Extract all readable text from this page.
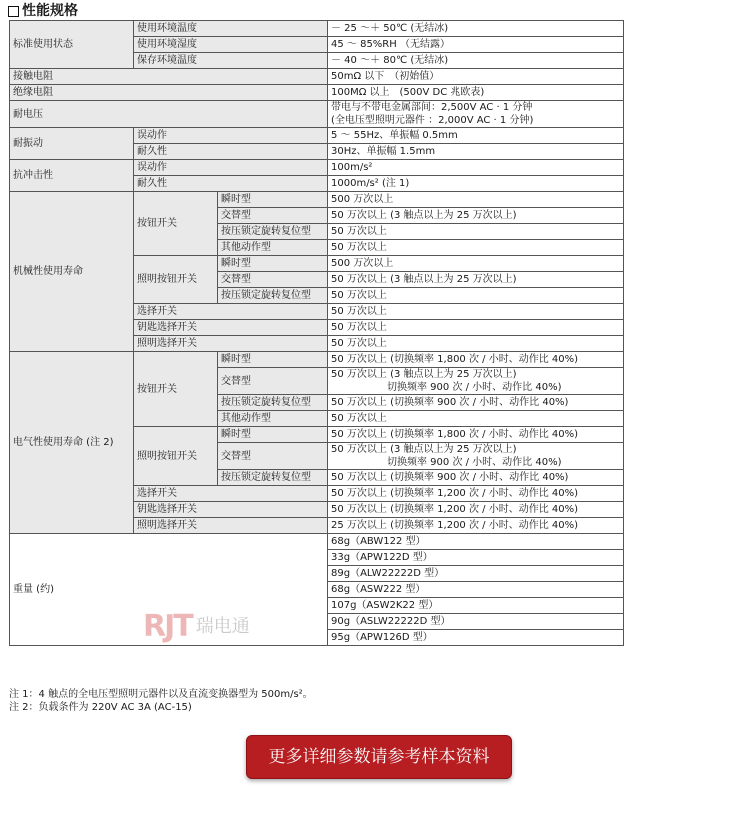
性能规格
标准使用状态	使用环境温度		－ 25 ～＋ 50℃ (无结冰)
	使用环境湿度		45 ～ 85%RH （无结露）
	保存环境温度		－ 40 ～＋ 80℃ (无结冰)
接触电阻			50mΩ 以下　（初始值）
绝缘电阻			100MΩ 以上　(500V DC 兆欧表)
耐电压			带电与不带电金属部间：2,500V AC · 1 分钟
(全电压型照明元器件 ：2,000V AC · 1 分钟)

耐振动	误动作		5 ～ 55Hz、单振幅 0.5mm
	耐久性		30Hz、单振幅 1.5mm
抗冲击性	误动作		100m/s²
	耐久性		1000m/s² (注 1)
机械性使用寿命	按钮开关	瞬时型	500 万次以上
		交替型	50 万次以上 (3 触点以上为 25 万次以上)
		按压锁定旋转复位型	50 万次以上
		其他动作型	50 万次以上
	照明按钮开关	瞬时型	500 万次以上
		交替型	50 万次以上 (3 触点以上为 25 万次以上)
		按压锁定旋转复位型	50 万次以上
	选择开关		50 万次以上
	钥匙选择开关		50 万次以上
	照明选择开关		50 万次以上
电气性使用寿命 (注 2)	按钮开关	瞬时型	50 万次以上 (切换频率 1,800 次 / 小时、动作比 40%)
		交替型	50 万次以上 (3 触点以上为 25 万次以上)
切换频率 900 次 / 小时、动作比 40%)

		按压锁定旋转复位型	50 万次以上 (切换频率 900 次 / 小时、动作比 40%)
		其他动作型	50 万次以上
	照明按钮开关	瞬时型	50 万次以上 (切换频率 1,800 次 / 小时、动作比 40%)
		交替型	50 万次以上 (3 触点以上为 25 万次以上)
切换频率 900 次 / 小时、动作比 40%)

		按压锁定旋转复位型	50 万次以上 (切换频率 900 次 / 小时、动作比 40%)
	选择开关		50 万次以上 (切换频率 1,200 次 / 小时、动作比 40%)
	钥匙选择开关		50 万次以上 (切换频率 1,200 次 / 小时、动作比 40%)
	照明选择开关		25 万次以上 (切换频率 1,200 次 / 小时、动作比 40%)
重量 (约)			68g（ABW122 型）
			33g（APW122D 型）
			89g（ALW22222D 型）
			68g（ASW222 型）
			107g（ASW2K22 型）
			90g（ASLW22222D 型）
			95g（APW126D 型）
RJT 瑞电通
注 1：4 触点的全电压型照明元器件以及直流变换器型为 500m/s²。
注 2：负载条件为 220V AC 3A (AC-15)
更多详细参数请参考样本资料
